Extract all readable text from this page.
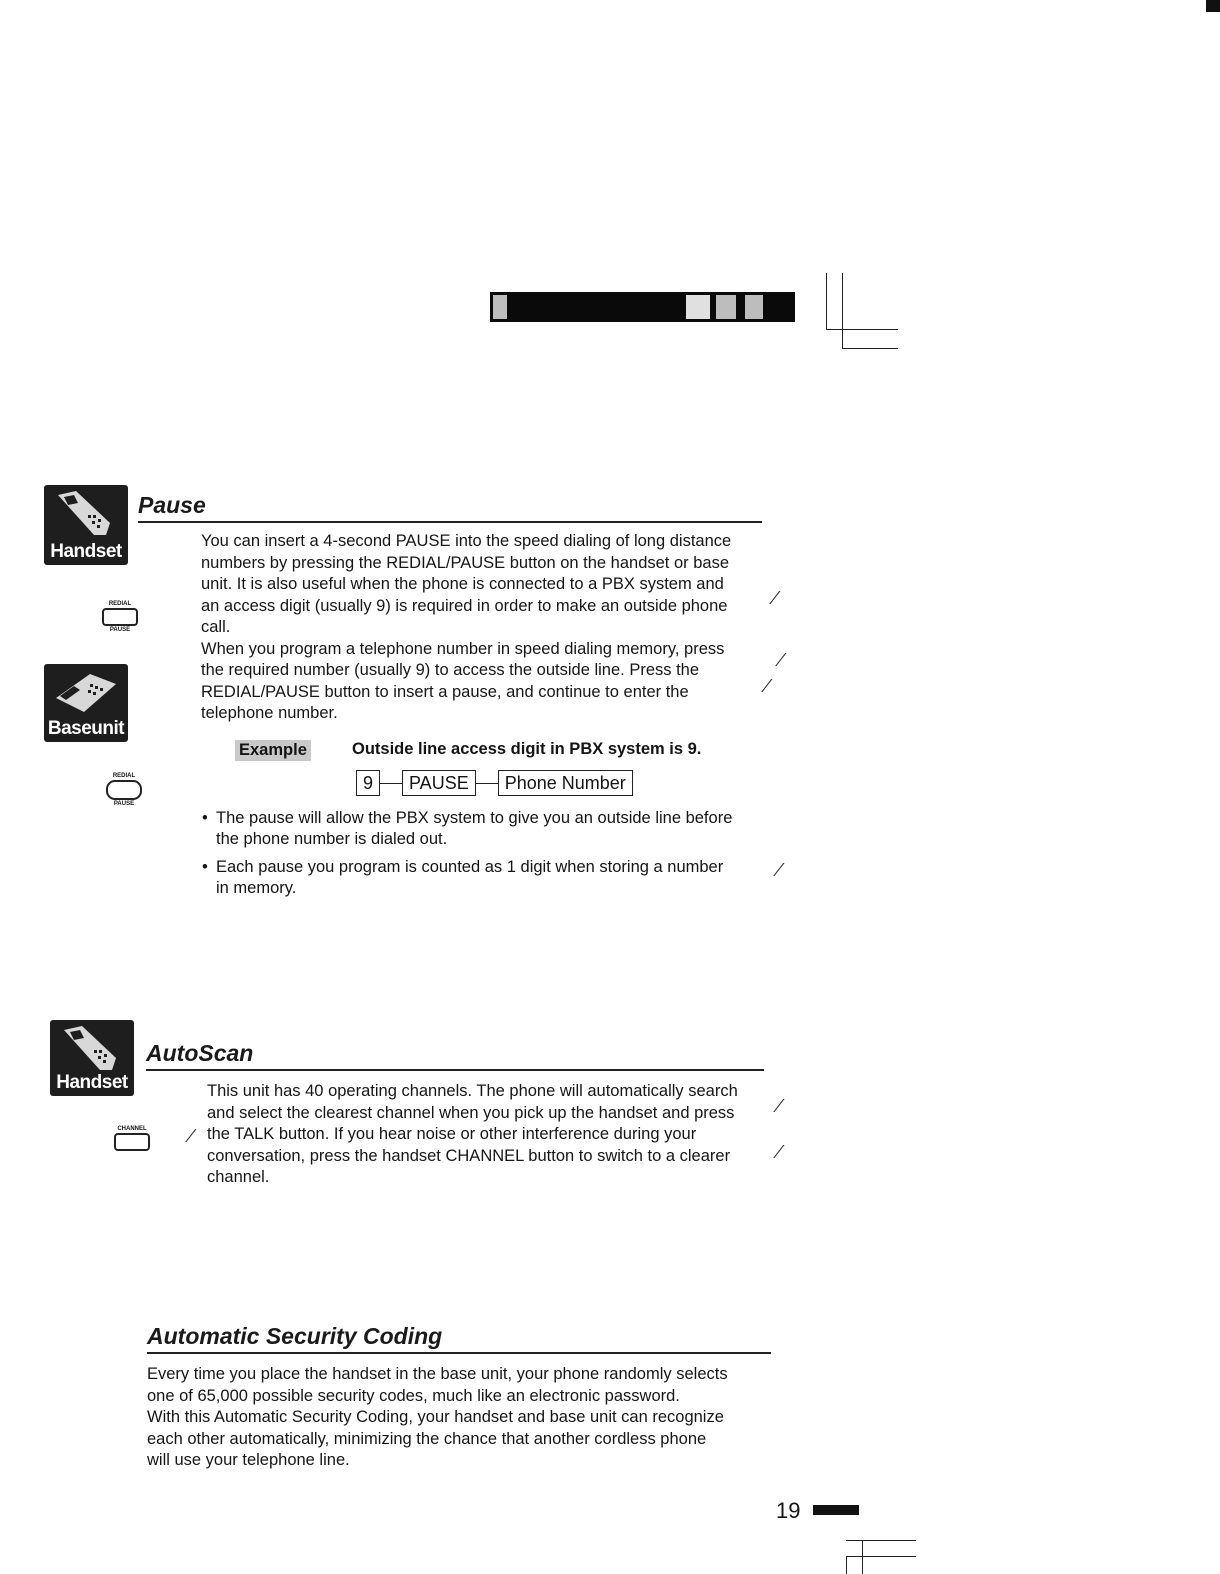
Handset
REDIAL
PAUSE
Baseunit
REDIAL
PAUSE
Pause

You can insert a 4-second PAUSE into the speed dialing of long distance

numbers by pressing the REDIAL/PAUSE button on the handset or base

unit. It is also useful when the phone is connected to a PBX system and

an access digit (usually 9) is required in order to make an outside phone

call.

When you program a telephone number in speed dialing memory, press

the required number (usually 9) to access the outside line. Press the

REDIAL/PAUSE button to insert a pause, and continue to enter the

telephone number.

Example	Outside line access digit in PBX system is 9.
9	PAUSE	Phone Number
• The pause will allow the PBX system to give you an outside line before
the phone number is dialed out.
• Each pause you program is counted as 1 digit when storing a number
in memory.
Handset
CHANNEL
AutoScan

This unit has 40 operating channels. The phone will automatically search

and select the clearest channel when you pick up the handset and press

the TALK button. If you hear noise or other interference during your

conversation, press the handset CHANNEL button to switch to a clearer

channel.

Automatic Security Coding

Every time you place the handset in the base unit, your phone randomly selects

one of 65,000 possible security codes, much like an electronic password.

With this Automatic Security Coding, your handset and base unit can recognize

each other automatically, minimizing the chance that another cordless phone

will use your telephone line.

⁄
⁄
⁄
⁄
⁄
⁄
⁄
19
